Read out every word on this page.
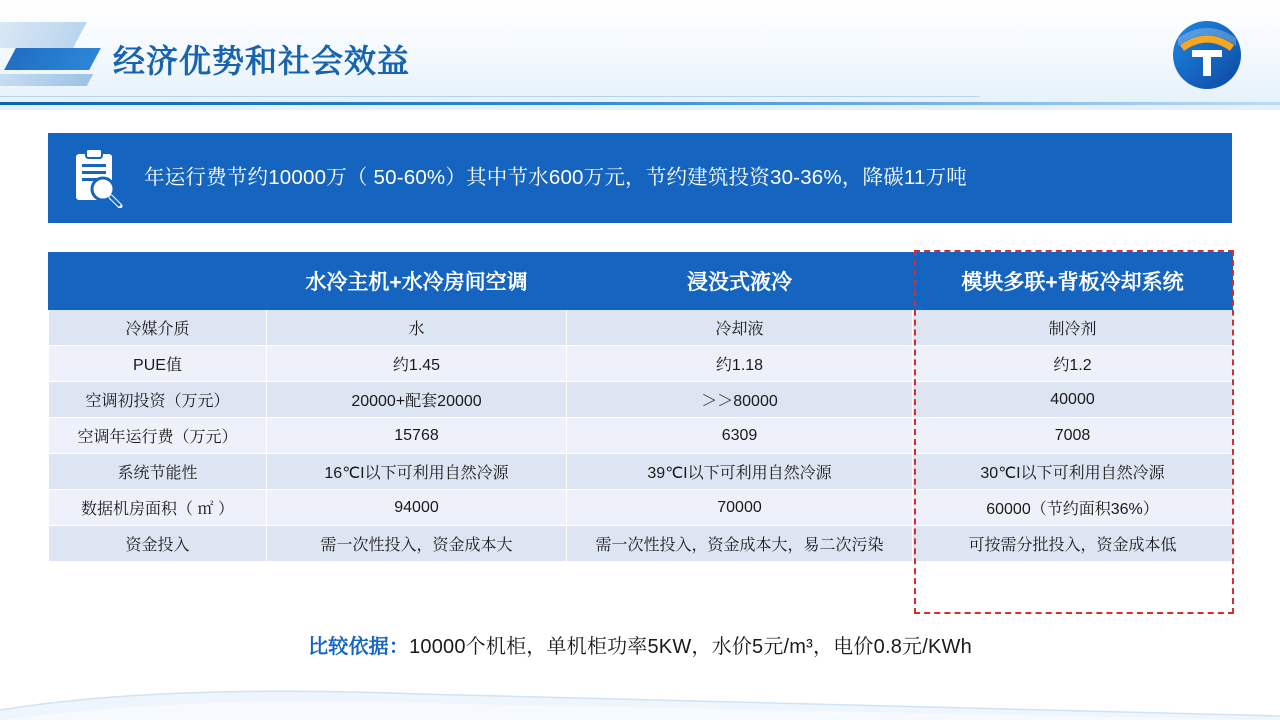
经济优势和社会效益
年运行费节约10000万（ 50-60%）其中节水600万元，节约建筑投资30-36%，降碳11万吨
	水冷主机+水冷房间空调	浸没式液冷	模块多联+背板冷却系统
冷媒介质	水	冷却液	制冷剂
PUE值	约1.45	约1.18	约1.2
空调初投资（万元）	20000+配套20000	＞＞80000	40000
空调年运行费（万元）	15768	6309	7008
系统节能性	16℃I以下可利用自然冷源	39℃I以下可利用自然冷源	30℃I以下可利用自然冷源
数据机房面积（ ㎡ ）	94000	70000	60000（节约面积36%）
资金投入	需一次性投入，资金成本大	需一次性投入，资金成本大，易二次污染	可按需分批投入，资金成本低
比较依据：10000个机柜，单机柜功率5KW，水价5元/m³，电价0.8元/KWh
